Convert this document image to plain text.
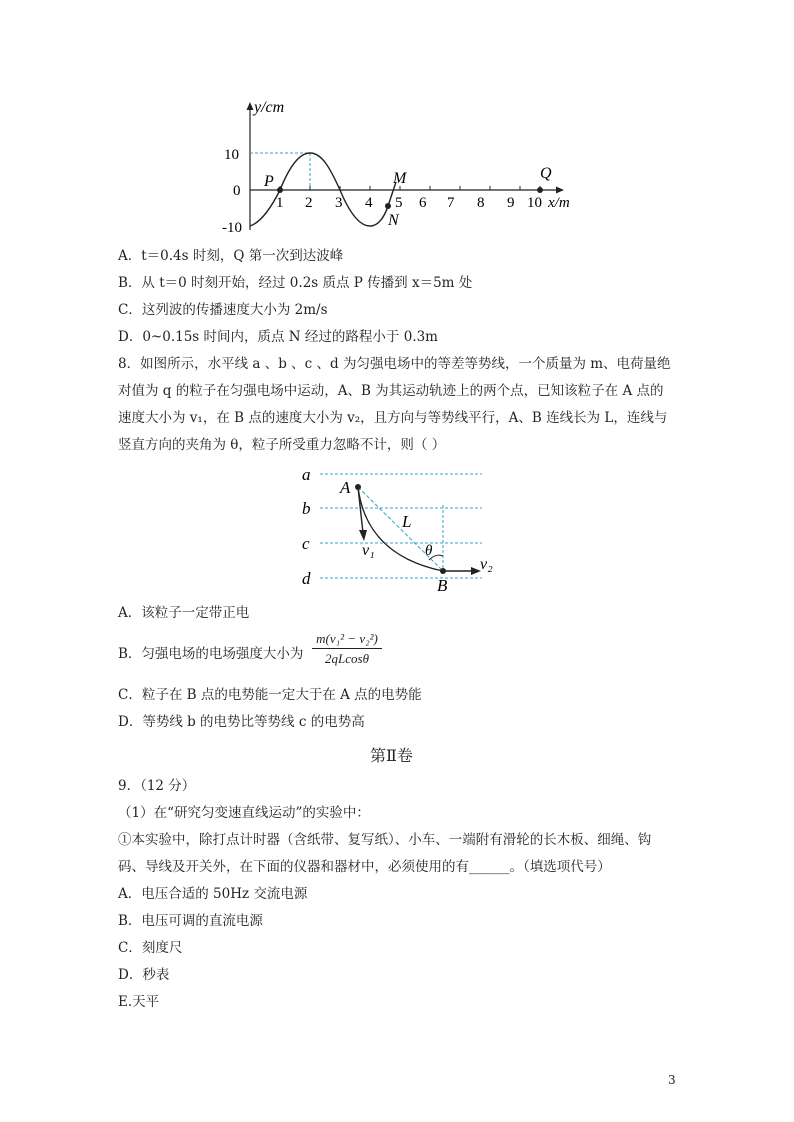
y/cm
10
0
-10
1 2 3 4 5 6 7 8 9 10 x/m
P	M
N
Q
A．t＝0.4s 时刻，Q 第一次到达波峰
B．从 t＝0 时刻开始，经过 0.2s 质点 P 传播到 x＝5m 处
C．这列波的传播速度大小为 2m/s
D．0~0.15s 时间内，质点 N 经过的路程小于 0.3m
8．如图所示，水平线 a 、b 、c 、d 为匀强电场中的等差等势线，一个质量为 m、电荷量绝
对值为 q 的粒子在匀强电场中运动，A、B 为其运动轨迹上的两个点，已知该粒子在 A 点的
速度大小为 v₁，在 B 点的速度大小为 v₂，且方向与等势线平行，A、B 连线长为 L，连线与
竖直方向的夹角为 θ，粒子所受重力忽略不计，则（ ）
a
b
c
d
A
B
L
θ
v₁
v₂
A．该粒子一定带正电
B．匀强电场的电场强度大小为 $\frac{\text{m(v₁² − v₂²)}}{2qLcos\theta}$
C．粒子在 B 点的电势能一定大于在 A 点的电势能
D．等势线 b 的电势比等势线 c 的电势高
第Ⅱ卷
9．（12 分）
（1）在“研究匀变速直线运动”的实验中：
①本实验中，除打点计时器（含纸带、复写纸）、小车、一端附有滑轮的长木板、细绳、钩
码、导线及开关外，在下面的仪器和器材中，必须使用的有______。（填选项代号）
A．电压合适的 50Hz 交流电源
B．电压可调的直流电源
C．刻度尺
D．秒表
E.天平
3
